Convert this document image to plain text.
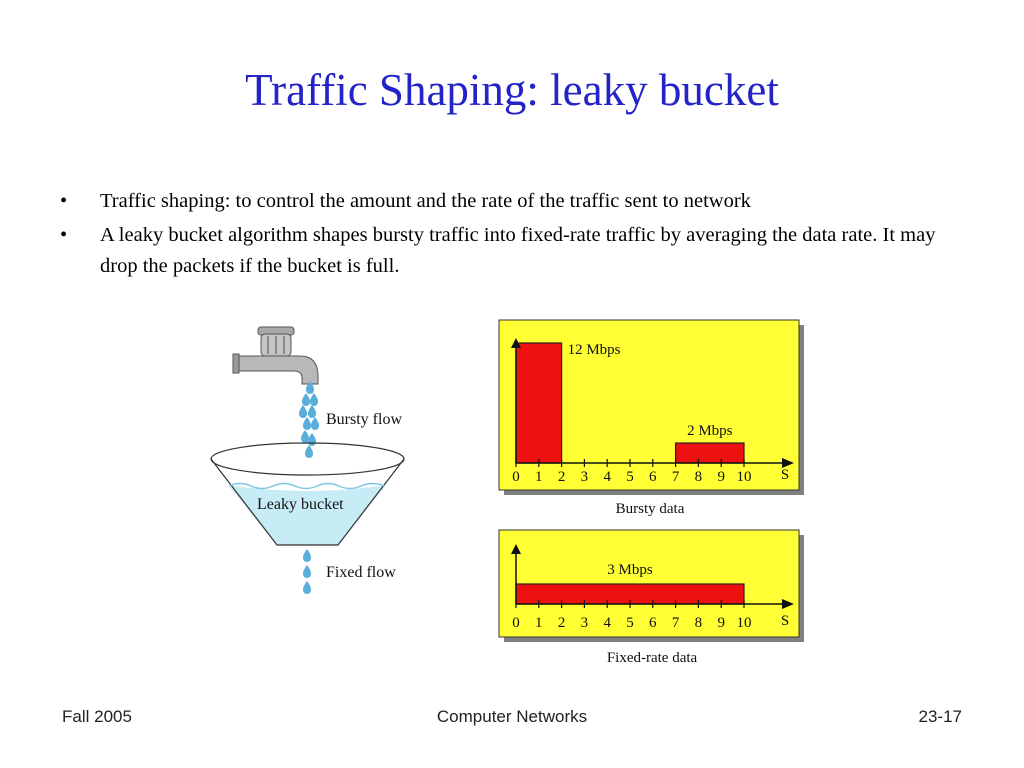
Traffic Shaping: leaky bucket
• Traffic shaping: to control the amount and the rate of the traffic sent to network
• A leaky bucket algorithm shapes bursty traffic into fixed-rate traffic by averaging the data rate. It may drop the packets if the bucket is full.
Bursty flow
Leaky bucket
Fixed flow
12 Mbps
2 Mbps
0 1 2 3 4 5 6 7 8 9 10 S
Bursty data
3 Mbps
0 1 2 3 4 5 6 7 8 9 10 S
Fixed-rate data
Fall 2005	Computer Networks	23-17
